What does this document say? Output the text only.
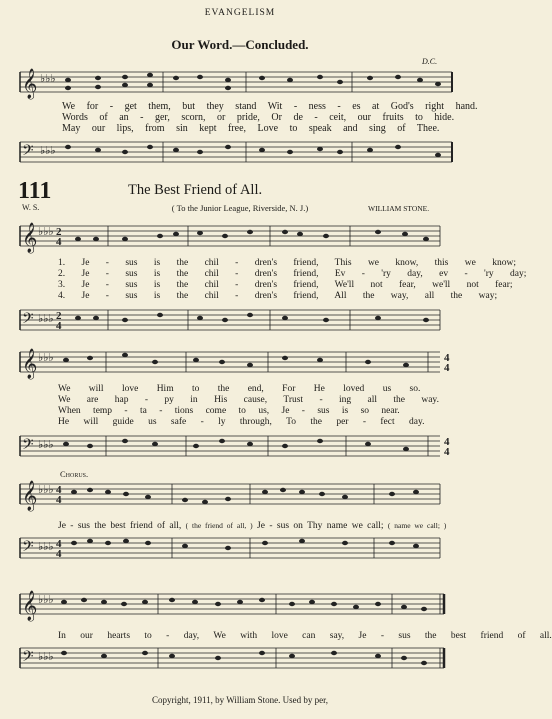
EVANGELISM
Our Word.—Concluded.
D.C.
𝄞 ♭♭♭
We for - get them, but they stand Wit - ness - es at God's right hand.
Words of an - ger, scorn, or pride, Or de - ceit, our fruits to hide.
May our lips, from sin kept free, Love to speak and sing of Thee.
𝄢 ♭♭♭
111	The Best Friend of All.
W. S.	( To the Junior League, Riverside, N. J.)	WILLIAM STONE.
𝄞 ♭♭♭ 2
4
1. Je - sus is the chil - dren's friend, This we know, this we know;
2. Je - sus is the chil - dren's friend, Ev - 'ry day, ev - 'ry day;
3. Je - sus is the chil - dren's friend, We'll not fear, we'll not fear;
4. Je - sus is the chil - dren's friend, All the way, all the way;
𝄢 ♭♭♭ 2
4
𝄞 ♭♭♭	4
4
We will love Him to the end, For He loved us so.
We are hap - py in His cause, Trust - ing all the way.
When temp - ta - tions come to us, Je - sus is so near.
He will guide us safe - ly through, To the per - fect day.
𝄢 ♭♭♭	4
4
Chorus.
𝄞 ♭♭♭ 4
4
Je - sus the best friend of all, ( the friend of all, ) Je - sus on Thy name we call; ( name we call; )
𝄢 ♭♭♭ 4
4
𝄞 ♭♭♭
In our hearts to - day, We with love can say, Je - sus the best friend of all.
𝄢 ♭♭♭
Copyright, 1911, by William Stone. Used by per,
